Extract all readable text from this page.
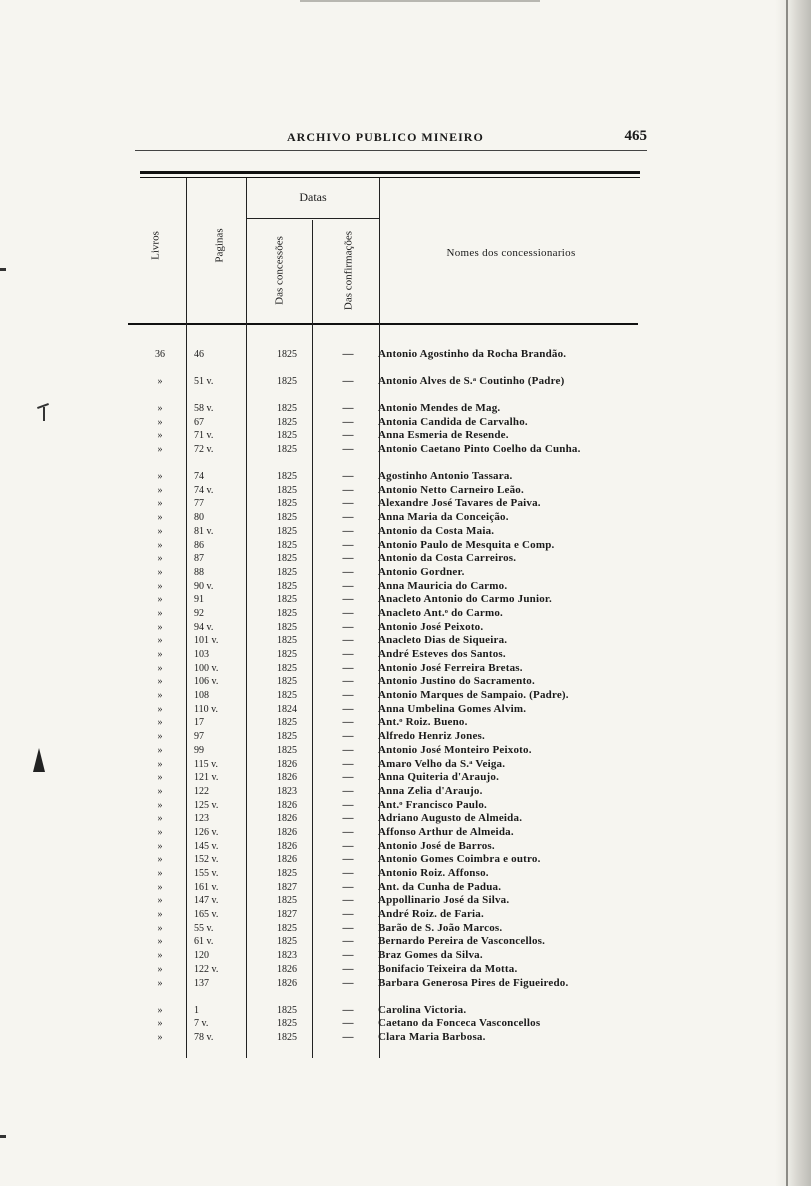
ARCHIVO PUBLICO MINEIRO	465
Livros	Paginas
Datas
Das concessões	Das confirmações	Nomes dos concessionarios
36	46	1825	—	Antonio Agostinho da Rocha Brandão.
»	51 v.	1825	—	Antonio Alves de S.ᵃ Coutinho (Padre)
»	58 v.	1825	—	Antonio Mendes de Mag.
»	67	1825	—	Antonia Candida de Carvalho.
»	71 v.	1825	—	Anna Esmeria de Resende.
»	72 v.	1825	—	Antonio Caetano Pinto Coelho da Cunha.
»	74	1825	—	Agostinho Antonio Tassara.
»	74 v.	1825	—	Antonio Netto Carneiro Leão.
»	77	1825	—	Alexandre José Tavares de Paiva.
»	80	1825	—	Anna Maria da Conceição.
»	81 v.	1825	—	Antonio da Costa Maia.
»	86	1825	—	Antonio Paulo de Mesquita e Comp.
»	87	1825	—	Antonio da Costa Carreiros.
»	88	1825	—	Antonio Gordner.
»	90 v.	1825	—	Anna Mauricia do Carmo.
»	91	1825	—	Anacleto Antonio do Carmo Junior.
»	92	1825	—	Anacleto Ant.ᵒ do Carmo.
»	94 v.	1825	—	Antonio José Peixoto.
»	101 v.	1825	—	Anacleto Dias de Siqueira.
»	103	1825	—	André Esteves dos Santos.
»	100 v.	1825	—	Antonio José Ferreira Bretas.
»	106 v.	1825	—	Antonio Justino do Sacramento.
»	108	1825	—	Antonio Marques de Sampaio. (Padre).
»	110 v.	1824	—	Anna Umbelina Gomes Alvim.
»	17	1825	—	Ant.ᵒ Roiz. Bueno.
»	97	1825	—	Alfredo Henriz Jones.
»	99	1825	—	Antonio José Monteiro Peixoto.
»	115 v.	1826	—	Amaro Velho da S.ᵃ Veiga.
»	121 v.	1826	—	Anna Quiteria d'Araujo.
»	122	1823	—	Anna Zelia d'Araujo.
»	125 v.	1826	—	Ant.ᵒ Francisco Paulo.
»	123	1826	—	Adriano Augusto de Almeida.
»	126 v.	1826	—	Affonso Arthur de Almeida.
»	145 v.	1826	—	Antonio José de Barros.
»	152 v.	1826	—	Antonio Gomes Coimbra e outro.
»	155 v.	1825	—	Antonio Roiz. Affonso.
»	161 v.	1827	—	Ant. da Cunha de Padua.
»	147 v.	1825	—	Appollinario José da Silva.
»	165 v.	1827	—	André Roiz. de Faria.
»	55 v.	1825	—	Barão de S. João Marcos.
»	61 v.	1825	—	Bernardo Pereira de Vasconcellos.
»	120	1823	—	Braz Gomes da Silva.
»	122 v.	1826	—	Bonifacio Teixeira da Motta.
»	137	1826	—	Barbara Generosa Pires de Figueiredo.
»	1	1825	—	Carolina Victoria.
»	7 v.	1825	—	Caetano da Fonceca Vasconcellos
»	78 v.	1825	—	Clara Maria Barbosa.
